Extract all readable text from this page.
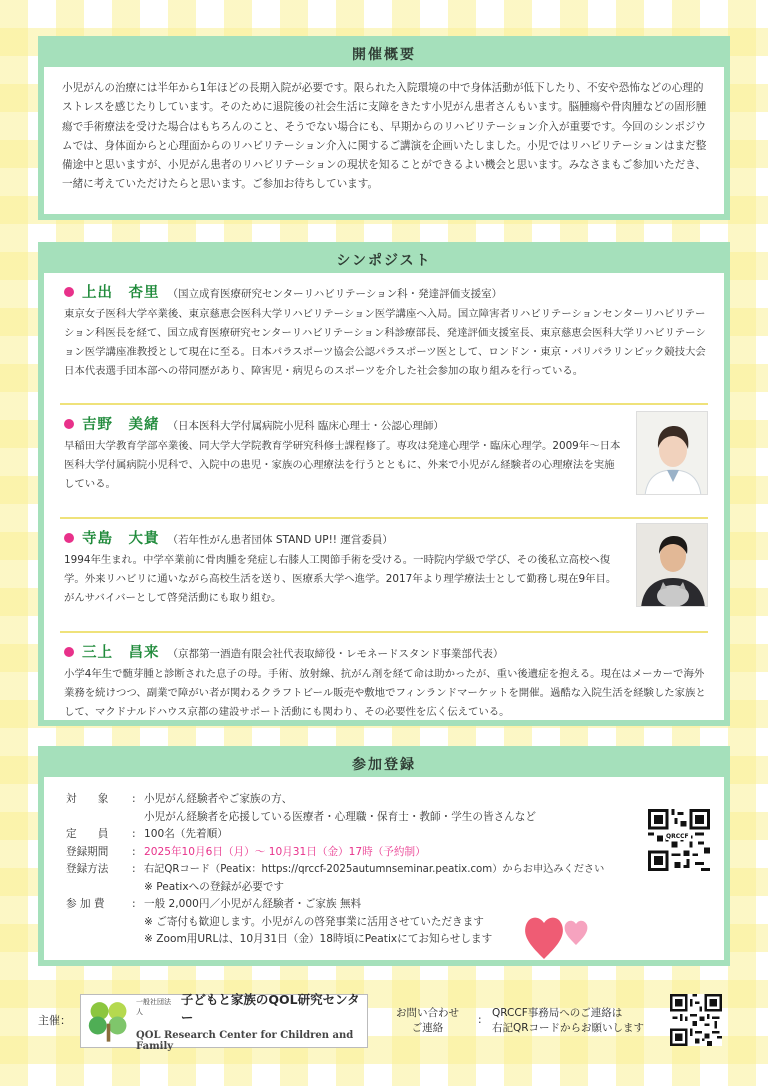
開催概要
小児がんの治療には半年から1年ほどの長期入院が必要です。限られた入院環境の中で身体活動が低下したり、不安や恐怖などの心理的ストレスを感じたりしています。そのために退院後の社会生活に支障をきたす小児がん患者さんもいます。脳腫瘍や骨肉腫などの固形腫瘍で手術療法を受けた場合はもちろんのこと、そうでない場合にも、早期からのリハビリテーション介入が重要です。今回のシンポジウムでは、身体面からと心理面からのリハビリテーション介入に関するご講演を企画いたしました。小児ではリハビリテーションはまだ整備途中と思いますが、小児がん患者のリハビリテーションの現状を知ることができるよい機会と思います。みなさまもご参加いただき、一緒に考えていただけたらと思います。ご参加お待ちしています。
シンポジスト
上出　杏里 （国立成育医療研究センターリハビリテーション科・発達評価支援室）
東京女子医科大学卒業後、東京慈恵会医科大学リハビリテーション医学講座へ入局。国立障害者リハビリテーションセンターリハビリテーション科医長を経て、国立成育医療研究センターリハビリテーション科診療部長、発達評価支援室長、東京慈恵会医科大学リハビリテーション医学講座准教授として現在に至る。日本パラスポーツ協会公認パラスポーツ医として、ロンドン・東京・パリパラリンピック競技大会日本代表選手団本部への帯同歴があり、障害児・病児らのスポーツを介した社会参加の取り組みを行っている。
吉野　美緒 （日本医科大学付属病院小児科 臨床心理士・公認心理師）
早稲田大学教育学部卒業後、同大学大学院教育学研究科修士課程修了。専攻は発達心理学・臨床心理学。2009年〜日本医科大学付属病院小児科で、入院中の患児・家族の心理療法を行うとともに、外来で小児がん経験者の心理療法を実施している。
寺島　大貴 （若年性がん患者団体 STAND UP!! 運営委員）
1994年生まれ。中学卒業前に骨肉腫を発症し右膝人工関節手術を受ける。一時院内学級で学び、その後私立高校へ復学。外来リハビリに通いながら高校生活を送り、医療系大学へ進学。2017年より理学療法士として勤務し現在9年目。がんサバイバーとして啓発活動にも取り組む。
三上　昌来 （京都第一酒造有限会社代表取締役・レモネードスタンド事業部代表）
小学4年生で髄芽腫と診断された息子の母。手術、放射線、抗がん剤を経て命は助かったが、重い後遺症を抱える。現在はメーカーで海外業務を続けつつ、副業で障がい者が関わるクラフトビール販売や敷地でフィンランドマーケットを開催。過酷な入院生活を経験した家族として、マクドナルドハウス京都の建設サポート活動にも関わり、その必要性を広く伝えている。
参加登録
対　　象	: 小児がん経験者やご家族の方、
小児がん経験者を応援している医療者・心理職・保育士・教師・学生の皆さんなど
定　　員	: 100名（先着順）
登録期間	: 2025年10月6日（月）〜 10月31日（金）17時（予約制）
登録方法	: 右記QRコード（Peatix：https://qrccf-2025autumnseminar.peatix.com）からお申込みください
※ Peatixへの登録が必要です
参 加 費	: 一般 2,000円／小児がん経験者・ご家族 無料
※ ご寄付も歓迎します。小児がんの啓発事業に活用させていただきます
※ Zoom用URLは、10月31日（金）18時頃にPeatixにてお知らせします
QRCCF
主催：
一般社団法人
子どもと家族のQOL研究センター
QOL Research Center for Children and Family
お問い合わせ
ご連絡
:
QRCCF事務局へのご連絡は
右記QRコードからお願いします
